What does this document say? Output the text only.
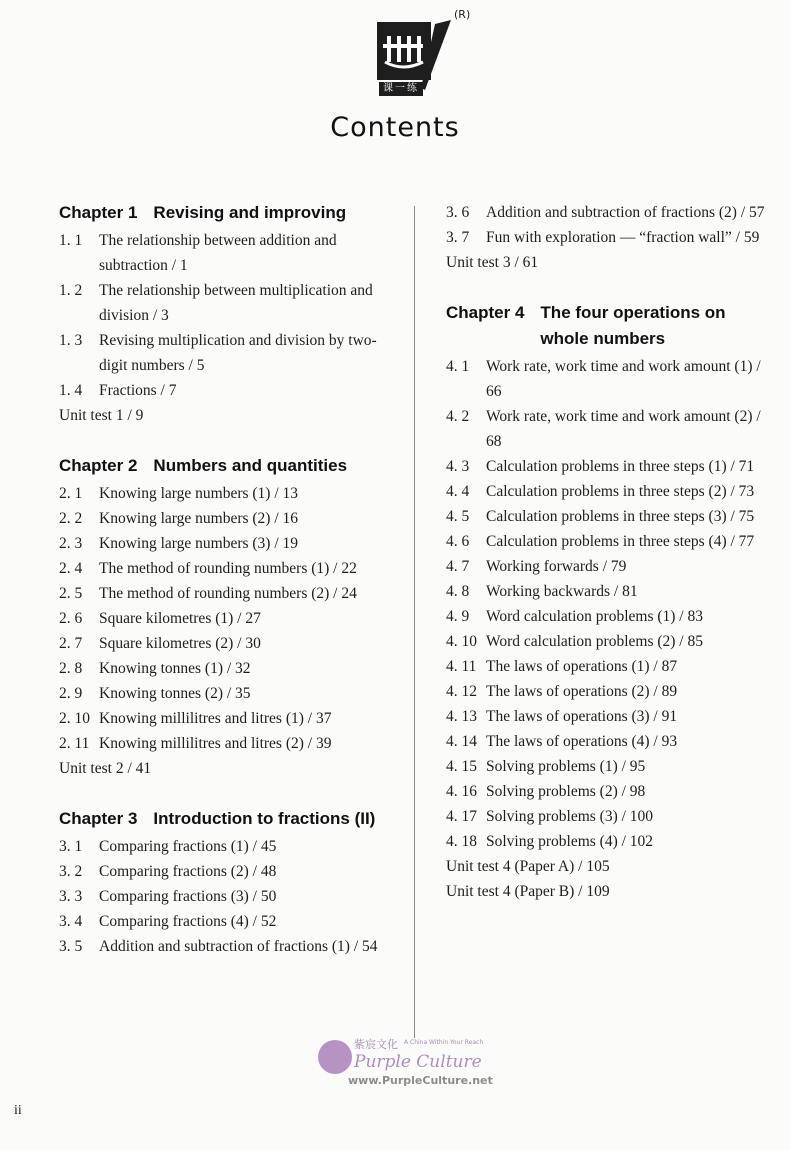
课一练
(R)
Contents
Chapter 1 Revising and improving
1. 1	The relationship between addition and subtraction / 1
1. 2	The relationship between multiplication and division / 3
1. 3	Revising multiplication and division by two-digit numbers / 5
1. 4	Fractions / 7
Unit test 1 / 9
Chapter 2 Numbers and quantities
2. 1	Knowing large numbers (1) / 13
2. 2	Knowing large numbers (2) / 16
2. 3	Knowing large numbers (3) / 19
2. 4	The method of rounding numbers (1) / 22
2. 5	The method of rounding numbers (2) / 24
2. 6	Square kilometres (1) / 27
2. 7	Square kilometres (2) / 30
2. 8	Knowing tonnes (1) / 32
2. 9	Knowing tonnes (2) / 35
2. 10 Knowing millilitres and litres (1) / 37
2. 11 Knowing millilitres and litres (2) / 39
Unit test 2 / 41
Chapter 3 Introduction to fractions (II)
3. 1	Comparing fractions (1) / 45
3. 2	Comparing fractions (2) / 48
3. 3	Comparing fractions (3) / 50
3. 4	Comparing fractions (4) / 52
3. 5	Addition and subtraction of fractions (1) / 54
3. 6	Addition and subtraction of fractions (2) / 57
3. 7	Fun with exploration — “fraction wall” / 59
Unit test 3 / 61
Chapter 4 The four operations on whole numbers
4. 1	Work rate, work time and work amount (1) / 66
4. 2	Work rate, work time and work amount (2) / 68
4. 3	Calculation problems in three steps (1) / 71
4. 4	Calculation problems in three steps (2) / 73
4. 5	Calculation problems in three steps (3) / 75
4. 6	Calculation problems in three steps (4) / 77
4. 7	Working forwards / 79
4. 8	Working backwards / 81
4. 9	Word calculation problems (1) / 83
4. 10 Word calculation problems (2) / 85
4. 11 The laws of operations (1) / 87
4. 12 The laws of operations (2) / 89
4. 13 The laws of operations (3) / 91
4. 14 The laws of operations (4) / 93
4. 15 Solving problems (1) / 95
4. 16 Solving problems (2) / 98
4. 17 Solving problems (3) / 100
4. 18 Solving problems (4) / 102
Unit test 4 (Paper A) / 105
Unit test 4 (Paper B) / 109
紫宸文化 A China Within Your Reach
Purple Culture
www.PurpleCulture.net
ii
